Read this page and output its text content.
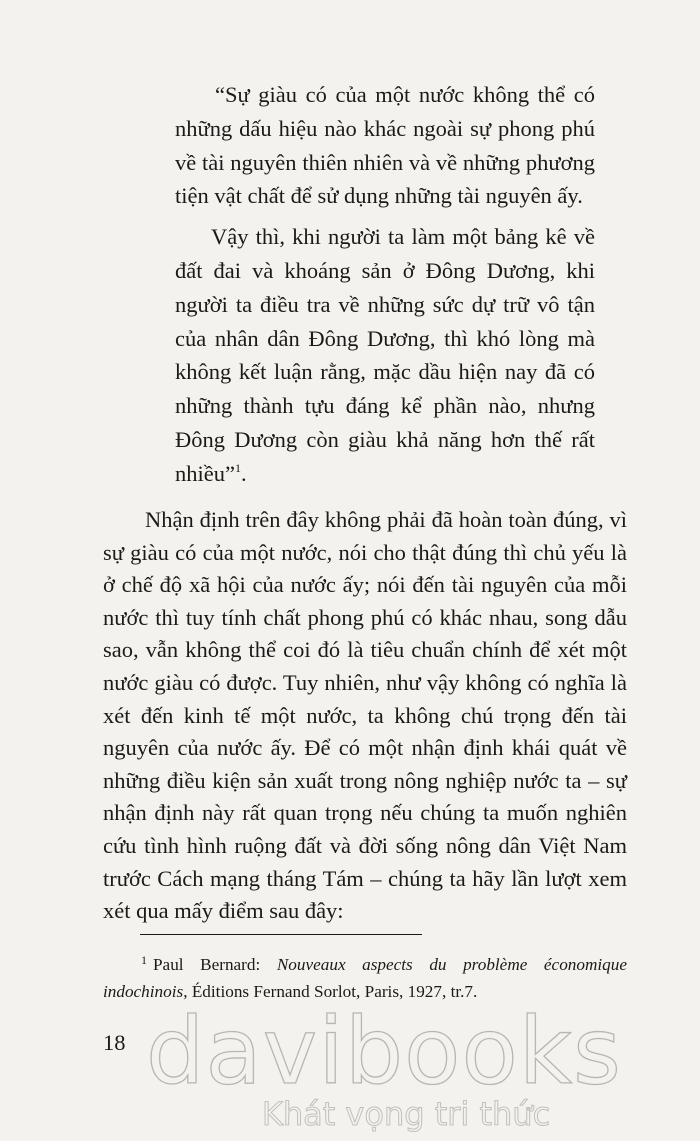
“Sự giàu có của một nước không thể có những dấu hiệu nào khác ngoài sự phong phú về tài nguyên thiên nhiên và về những phương tiện vật chất để sử dụng những tài nguyên ấy.

Vậy thì, khi người ta làm một bảng kê về đất đai và khoáng sản ở Đông Dương, khi người ta điều tra về những sức dự trữ vô tận của nhân dân Đông Dương, thì khó lòng mà không kết luận rằng, mặc dầu hiện nay đã có những thành tựu đáng kể phần nào, nhưng Đông Dương còn giàu khả năng hơn thế rất nhiều”$^1$.

Nhận định trên đây không phải đã hoàn toàn đúng, vì sự giàu có của một nước, nói cho thật đúng thì chủ yếu là ở chế độ xã hội của nước ấy; nói đến tài nguyên của mỗi nước thì tuy tính chất phong phú có khác nhau, song dẫu sao, vẫn không thể coi đó là tiêu chuẩn chính để xét một nước giàu có được. Tuy nhiên, như vậy không có nghĩa là xét đến kinh tế một nước, ta không chú trọng đến tài nguyên của nước ấy. Để có một nhận định khái quát về những điều kiện sản xuất trong nông nghiệp nước ta – sự nhận định này rất quan trọng nếu chúng ta muốn nghiên cứu tình hình ruộng đất và đời sống nông dân Việt Nam trước Cách mạng tháng Tám – chúng ta hãy lần lượt xem xét qua mấy điểm sau đây:

$^1$ Paul Bernard: Nouveaux aspects du problème économique indochinois, Éditions Fernand Sorlot, Paris, 1927, tr.7.
18 davibooks
Khát vọng tri thức
